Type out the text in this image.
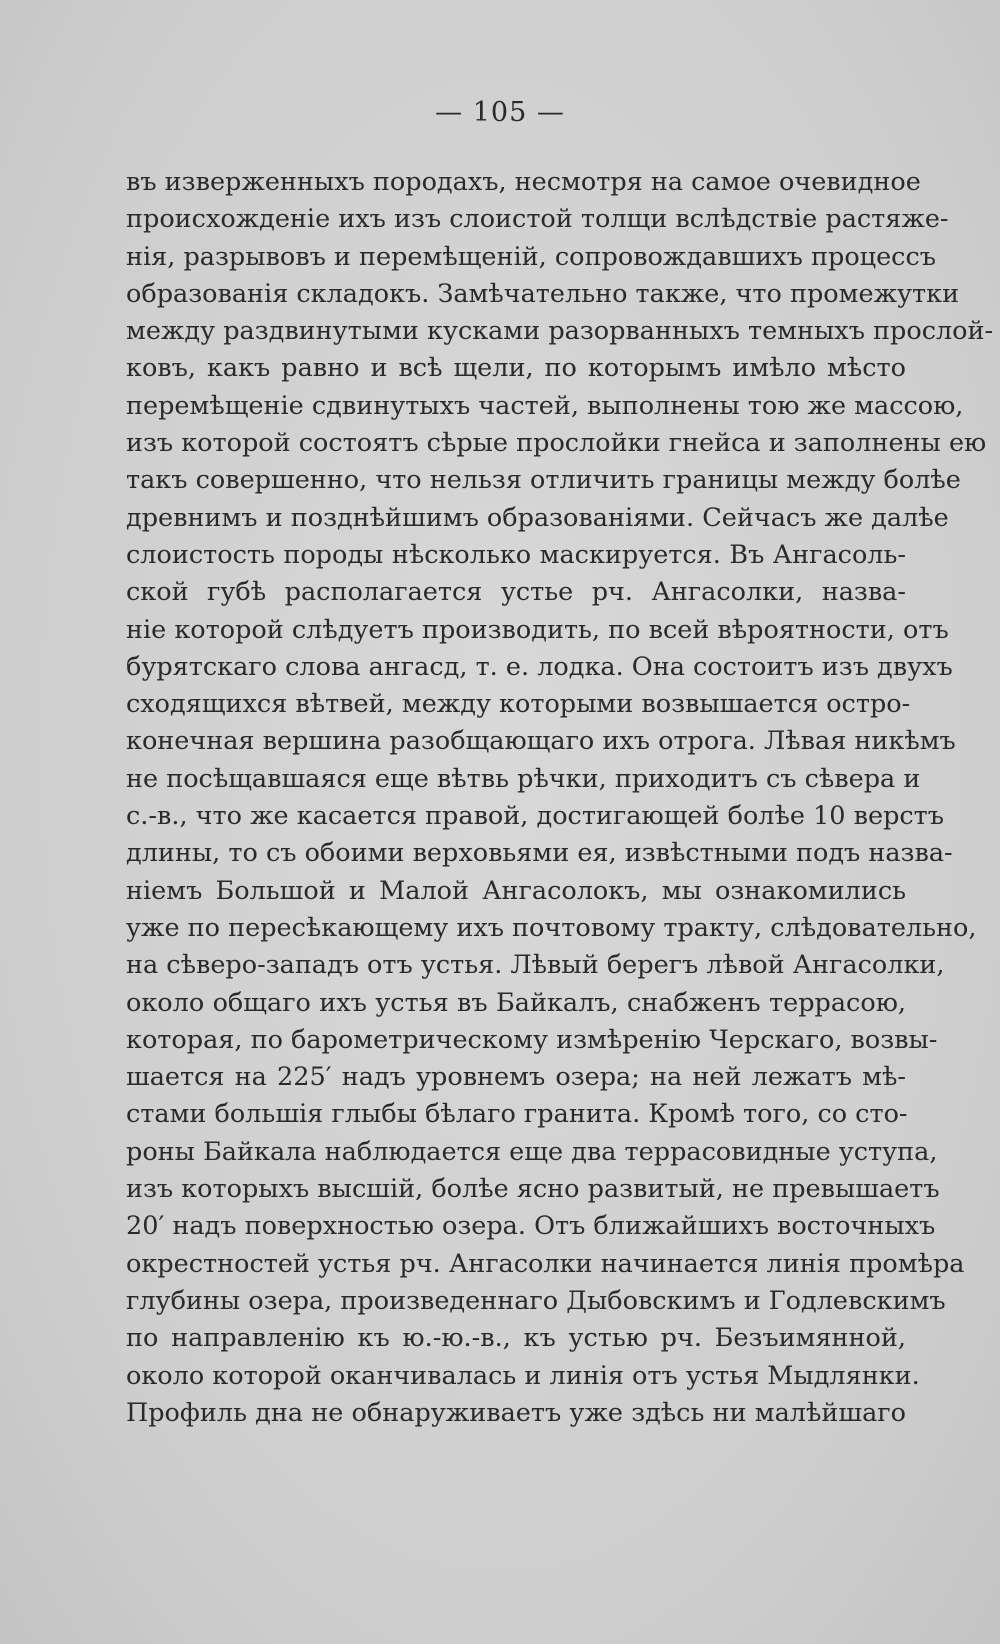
— 105 —
въ изверженныхъ породахъ, несмотря на самое очевидное
происхожденіе ихъ изъ слоистой толщи вслѣдствіе растяже-
нія, разрывовъ и перемѣщеній, сопровождавшихъ процессъ
образованія складокъ. Замѣчательно также, что промежутки
между раздвинутыми кусками разорванныхъ темныхъ прослой-
ковъ, какъ равно и всѣ щели, по которымъ имѣло мѣсто
перемѣщеніе сдвинутыхъ частей, выполнены тою же массою,
изъ которой состоятъ сѣрые прослойки гнейса и заполнены ею
такъ совершенно, что нельзя отличить границы между болѣе
древнимъ и позднѣйшимъ образованіями. Сейчасъ же далѣе
слоистость породы нѣсколько маскируется. Въ Ангасоль-
ской губѣ располагается устье рч. Ангасолки, назва-
ніе которой слѣдуетъ производить, по всей вѣроятности, отъ
бурятскаго слова ангасд, т. е. лодка. Она состоитъ изъ двухъ
сходящихся вѣтвей, между которыми возвышается остро-
конечная вершина разобщающаго ихъ отрога. Лѣвая никѣмъ
не посѣщавшаяся еще вѣтвь рѣчки, приходитъ съ сѣвера и
с.-в., что же касается правой, достигающей болѣе 10 верстъ
длины, то съ обоими верховьями ея, извѣстными подъ назва-
ніемъ Большой и Малой Ангасолокъ, мы ознакомились
уже по пересѣкающему ихъ почтовому тракту, слѣдовательно,
на сѣверо-западъ отъ устья. Лѣвый берегъ лѣвой Ангасолки,
около общаго ихъ устья въ Байкалъ, снабженъ террасою,
которая, по барометрическому измѣренію Черскаго, возвы-
шается на 225′ надъ уровнемъ озера; на ней лежатъ мѣ-
стами большія глыбы бѣлаго гранита. Кромѣ того, со сто-
роны Байкала наблюдается еще два террасовидные уступа,
изъ которыхъ высшій, болѣе ясно развитый, не превышаетъ
20′ надъ поверхностью озера. Отъ ближайшихъ восточныхъ
окрестностей устья рч. Ангасолки начинается линія промѣра
глубины озера, произведеннаго Дыбовскимъ и Годлевскимъ
по направленію къ ю.-ю.-в., къ устью рч. Безъимянной,
около которой оканчивалась и линія отъ устья Мыдлянки.
Профиль дна не обнаруживаетъ уже здѣсь ни малѣйшаго
